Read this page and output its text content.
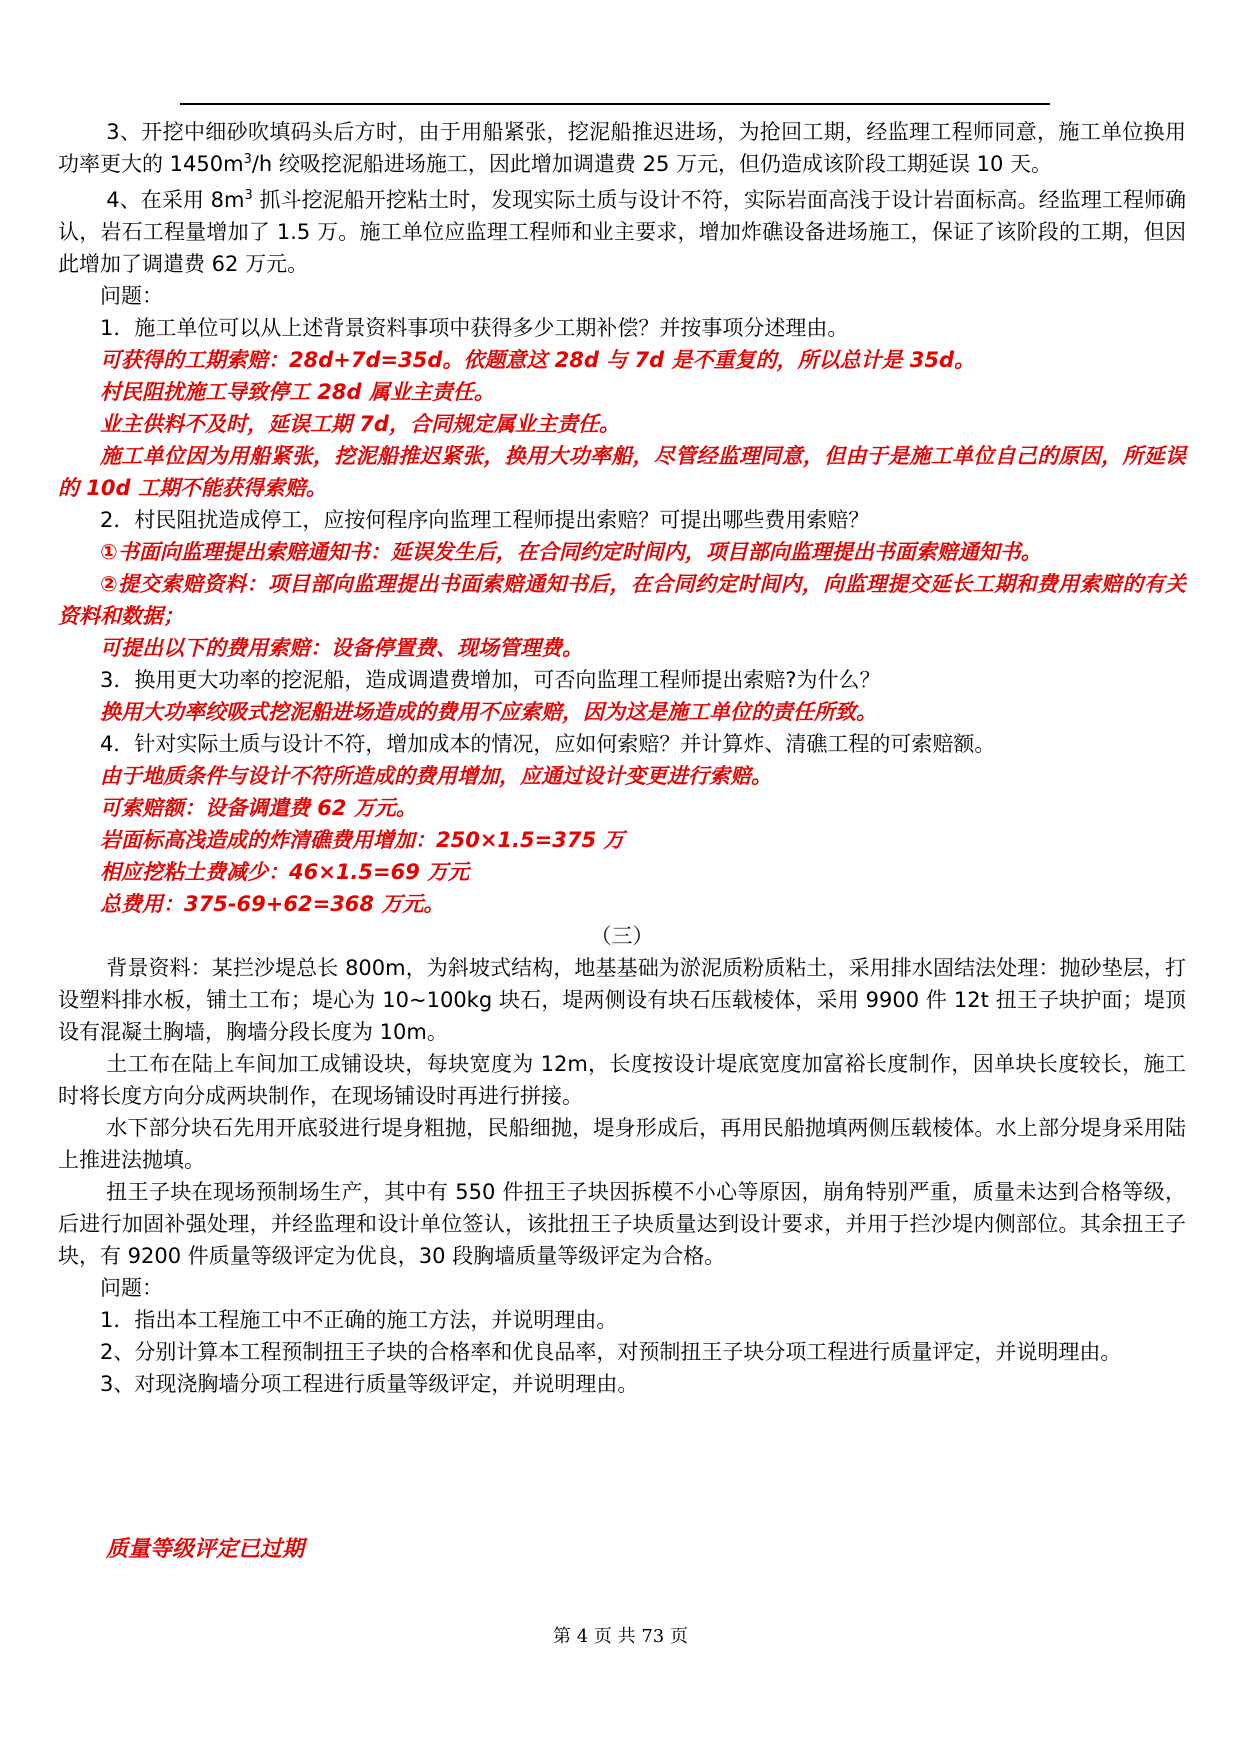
3、开挖中细砂吹填码头后方时，由于用船紧张，挖泥船推迟进场，为抢回工期，经监理工程师同意，施工单位换用功率更大的 $1450m^3/h$ 绞吸挖泥船进场施工，因此增加调遣费 25 万元，但仍造成该阶段工期延误 10 天。

4、在采用 $8m^3$ 抓斗挖泥船开挖粘土时，发现实际土质与设计不符，实际岩面高浅于设计岩面标高。经监理工程师确认，岩石工程量增加了 1.5 万。施工单位应监理工程师和业主要求，增加炸礁设备进场施工，保证了该阶段的工期，但因此增加了调遣费 62 万元。

问题：

1．施工单位可以从上述背景资料事项中获得多少工期补偿？并按事项分述理由。

可获得的工期索赔：28d+7d=35d。依题意这 28d 与 7d 是不重复的，所以总计是 35d。

村民阻扰施工导致停工 28d 属业主责任。

业主供料不及时，延误工期 7d，合同规定属业主责任。

施工单位因为用船紧张，挖泥船推迟紧张，换用大功率船，尽管经监理同意，但由于是施工单位自己的原因，所延误的 10d 工期不能获得索赔。

2．村民阻扰造成停工，应按何程序向监理工程师提出索赔？可提出哪些费用索赔？

①书面向监理提出索赔通知书：延误发生后，在合同约定时间内，项目部向监理提出书面索赔通知书。

②提交索赔资料：项目部向监理提出书面索赔通知书后，在合同约定时间内，向监理提交延长工期和费用索赔的有关资料和数据；

可提出以下的费用索赔：设备停置费、现场管理费。

3．换用更大功率的挖泥船，造成调遣费增加，可否向监理工程师提出索赔?为什么？

换用大功率绞吸式挖泥船进场造成的费用不应索赔，因为这是施工单位的责任所致。

4．针对实际土质与设计不符，增加成本的情况，应如何索赔？并计算炸、清礁工程的可索赔额。

由于地质条件与设计不符所造成的费用增加，应通过设计变更进行索赔。

可索赔额：设备调遣费 62 万元。

岩面标高浅造成的炸清礁费用增加：250×1.5=375 万

相应挖粘土费减少：46×1.5=69 万元

总费用：375-69+62=368 万元。

（三）

背景资料：某拦沙堤总长 800m，为斜坡式结构，地基基础为淤泥质粉质粘土，采用排水固结法处理：抛砂垫层，打设塑料排水板，铺土工布；堤心为 10~100kg 块石，堤两侧设有块石压载棱体，采用 9900 件 12t 扭王子块护面；堤顶设有混凝土胸墙，胸墙分段长度为 10m。

土工布在陆上车间加工成铺设块，每块宽度为 12m，长度按设计堤底宽度加富裕长度制作，因单块长度较长，施工时将长度方向分成两块制作，在现场铺设时再进行拼接。

水下部分块石先用开底驳进行堤身粗抛，民船细抛，堤身形成后，再用民船抛填两侧压载棱体。水上部分堤身采用陆上推进法抛填。

扭王子块在现场预制场生产，其中有 550 件扭王子块因拆模不小心等原因，崩角特别严重，质量未达到合格等级，后进行加固补强处理，并经监理和设计单位签认，该批扭王子块质量达到设计要求，并用于拦沙堤内侧部位。其余扭王子块，有 9200 件质量等级评定为优良，30 段胸墙质量等级评定为合格。

问题：

1．指出本工程施工中不正确的施工方法，并说明理由。

2、分别计算本工程预制扭王子块的合格率和优良品率，对预制扭王子块分项工程进行质量评定，并说明理由。

3、对现浇胸墙分项工程进行质量等级评定，并说明理由。

质量等级评定已过期
第 4 页 共 73 页
